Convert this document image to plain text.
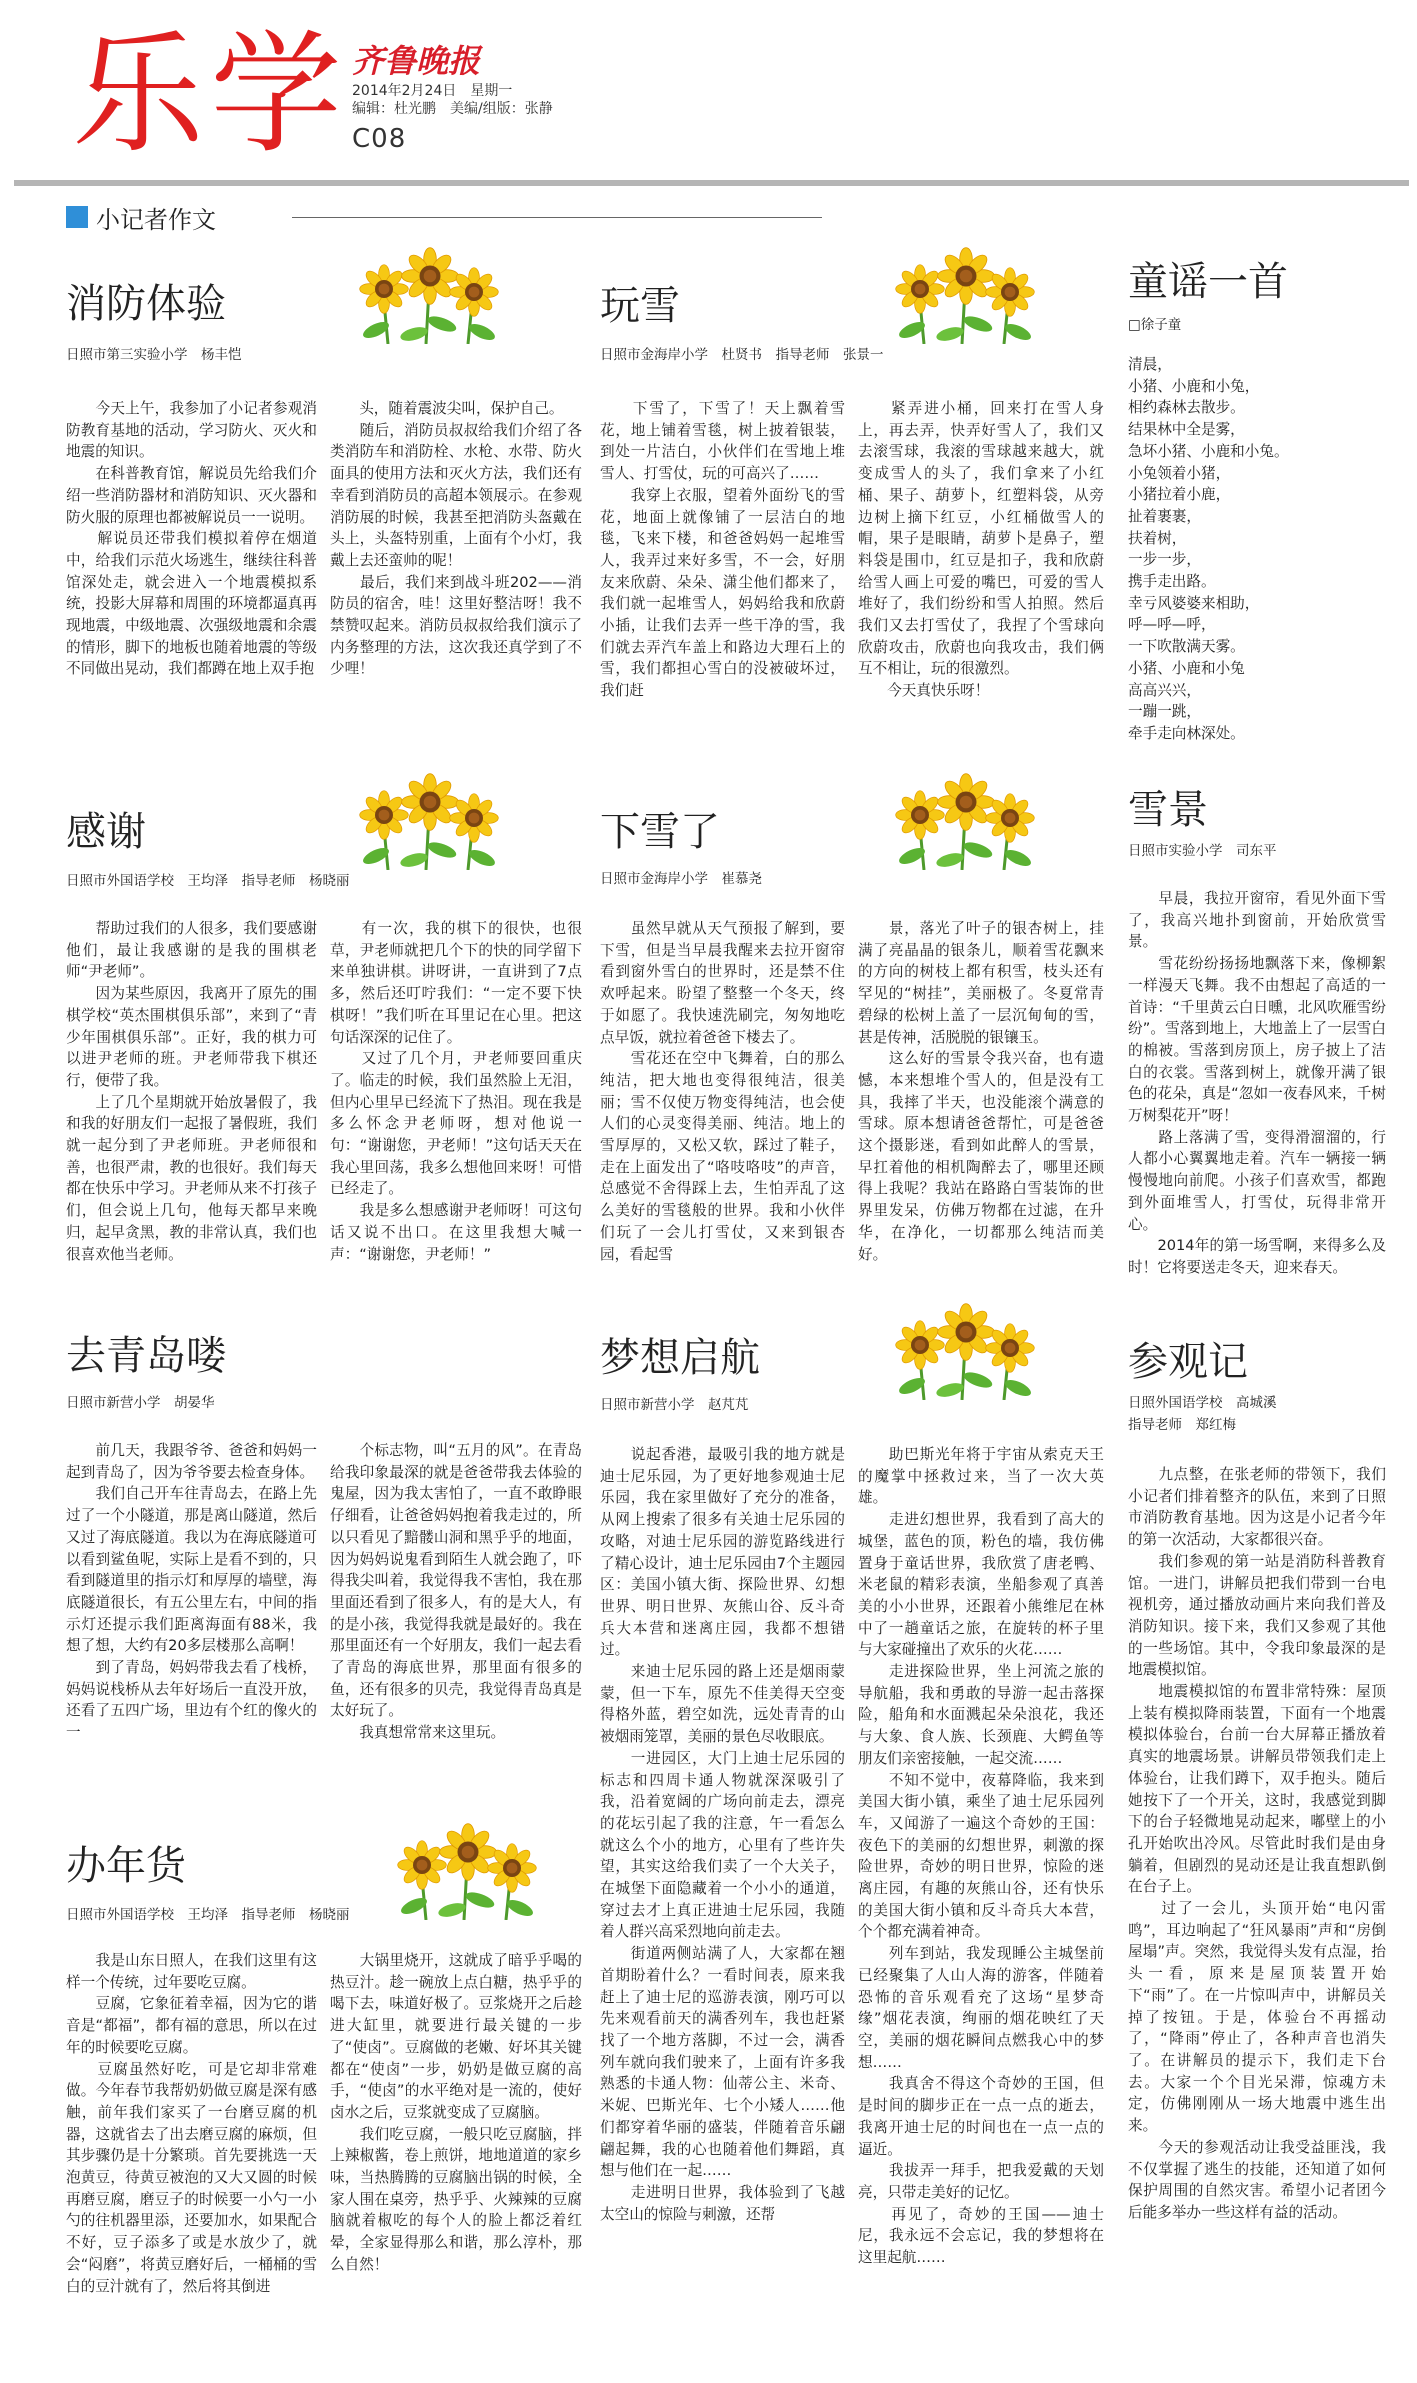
乐学 齐鲁晚报
2014年2月24日　星期一
编辑：杜光鹏　美编/组版：张静
C08
小记者作文
消防体验
日照市第三实验小学　杨丰恺
　　今天上午，我参加了小记者参观消防教育基地的活动，学习防火、灭火和地震的知识。
　　在科普教育馆，解说员先给我们介绍一些消防器材和消防知识、灭火器和防火服的原理也都被解说员一一说明。
　　解说员还带我们模拟着停在烟道中，给我们示范火场逃生，继续往科普馆深处走，就会进入一个地震模拟系统，投影大屏幕和周围的环境都逼真再现地震，中级地震、次强级地震和余震的情形，脚下的地板也随着地震的等级不同做出晃动，我们都蹲在地上双手抱
　　头，随着震波尖叫，保护自己。
　　随后，消防员叔叔给我们介绍了各类消防车和消防栓、水枪、水带、防火面具的使用方法和灭火方法，我们还有幸看到消防员的高超本领展示。在参观消防展的时候，我甚至把消防头盔戴在头上，头盔特别重，上面有个小灯，我戴上去还蛮帅的呢！
　　最后，我们来到战斗班202——消防员的宿舍，哇！这里好整洁呀！我不禁赞叹起来。消防员叔叔给我们演示了内务整理的方法，这次我还真学到了不少哩！
玩雪
日照市金海岸小学　杜贤书　指导老师　张景一
　　下雪了，下雪了！天上飘着雪花，地上铺着雪毯，树上披着银装，到处一片洁白，小伙伴们在雪地上堆雪人、打雪仗，玩的可高兴了……
　　我穿上衣服，望着外面纷飞的雪花，地面上就像铺了一层洁白的地毯，飞来下楼，和爸爸妈妈一起堆雪人，我弄过来好多雪，不一会，好朋友来欣蔚、朵朵、潇尘他们都来了，我们就一起堆雪人，妈妈给我和欣蔚小插，让我们去弄一些干净的雪，我们就去弄汽车盖上和路边大理石上的雪，我们都担心雪白的没被破坏过，我们赶
　　紧弄进小桶，回来打在雪人身上，再去弄，快弄好雪人了，我们又去滚雪球，我滚的雪球越来越大，就变成雪人的头了，我们拿来了小红桶、果子、葫萝卜，红塑料袋，从旁边树上摘下红豆，小红桶做雪人的帽，果子是眼睛，葫萝卜是鼻子，塑料袋是围巾，红豆是扣子，我和欣蔚给雪人画上可爱的嘴巴，可爱的雪人堆好了，我们纷纷和雪人拍照。然后我们又去打雪仗了，我捏了个雪球向欣蔚攻击，欣蔚也向我攻击，我们俩互不相让，玩的很激烈。
　　今天真快乐呀！
童谣一首
□徐子童
清晨，
小猪、小鹿和小兔，
相约森林去散步。
结果林中全是雾，
急坏小猪、小鹿和小兔。
小兔领着小猪，
小猪拉着小鹿，
扯着裹裹，
扶着树，
一步一步，
携手走出路。
幸亏风婆婆来相助，
呼—呼—呼，
一下吹散满天雾。
小猪、小鹿和小兔
高高兴兴，
一蹦一跳，
牵手走向林深处。
感谢
日照市外国语学校　王均泽　指导老师　杨晓丽
　　帮助过我们的人很多，我们要感谢他们，最让我感谢的是我的围棋老师“尹老师”。
　　因为某些原因，我离开了原先的围棋学校“英杰围棋俱乐部”，来到了“青少年围棋俱乐部”。正好，我的棋力可以进尹老师的班。尹老师带我下棋还行，便带了我。
　　上了几个星期就开始放暑假了，我和我的好朋友们一起报了暑假班，我们就一起分到了尹老师班。尹老师很和善，也很严肃，教的也很好。我们每天都在快乐中学习。尹老师从来不打孩子们，但会说上几句，他每天都早来晚归，起早贪黑，教的非常认真，我们也很喜欢他当老师。
　　有一次，我的棋下的很快，也很草，尹老师就把几个下的快的同学留下来单独讲棋。讲呀讲，一直讲到了7点多，然后还叮咛我们：“一定不要下快棋呀！”我们听在耳里记在心里。把这句话深深的记住了。
　　又过了几个月，尹老师要回重庆了。临走的时候，我们虽然脸上无泪，但内心里早已经流下了热泪。现在我是多么怀念尹老师呀，想对他说一句：“谢谢您，尹老师！”这句话天天在我心里回荡，我多么想他回来呀！可惜已经走了。
　　我是多么想感谢尹老师呀！可这句话又说不出口。在这里我想大喊一声：“谢谢您，尹老师！”
下雪了
日照市金海岸小学　崔慕尧
　　虽然早就从天气预报了解到，要下雪，但是当早晨我醒来去拉开窗帘看到窗外雪白的世界时，还是禁不住欢呼起来。盼望了整整一个冬天，终于如愿了。我快速洗刷完，匆匆地吃点早饭，就拉着爸爸下楼去了。
　　雪花还在空中飞舞着，白的那么纯洁，把大地也变得很纯洁，很美丽；雪不仅使万物变得纯洁，也会使人们的心灵变得美丽、纯洁。地上的雪厚厚的，又松又软，踩过了鞋子，走在上面发出了“咯吱咯吱”的声音，总感觉不舍得踩上去，生怕弄乱了这么美好的雪毯般的世界。我和小伙伴们玩了一会儿打雪仗，又来到银杏园，看起雪
　　景，落光了叶子的银杏树上，挂满了亮晶晶的银条儿，顺着雪花飘来的方向的树枝上都有积雪，枝头还有罕见的“树挂”，美丽极了。冬夏常青碧绿的松树上盖了一层沉甸甸的雪，甚是传神，活脱脱的银镶玉。
　　这么好的雪景令我兴奋，也有遗憾，本来想堆个雪人的，但是没有工具，我摔了半天，也没能滚个满意的雪球。原本想请爸爸帮忙，可是爸爸这个摄影迷，看到如此醉人的雪景，早扛着他的相机陶醉去了，哪里还顾得上我呢？我站在路路白雪装饰的世界里发呆，仿佛万物都在过滤，在升华，在净化，一切都那么纯洁而美好。
雪景
日照市实验小学　司东平
　　早晨，我拉开窗帘，看见外面下雪了，我高兴地扑到窗前，开始欣赏雪景。
　　雪花纷纷扬扬地飘落下来，像柳絮一样漫天飞舞。我不由想起了高适的一首诗：“千里黄云白日曛，北风吹雁雪纷纷”。雪落到地上，大地盖上了一层雪白的棉被。雪落到房顶上，房子披上了洁白的衣裳。雪落到树上，就像开满了银色的花朵，真是“忽如一夜春风来，千树万树梨花开”呀！
　　路上落满了雪，变得滑溜溜的，行人都小心翼翼地走着。汽车一辆接一辆慢慢地向前爬。小孩子们喜欢雪，都跑到外面堆雪人，打雪仗，玩得非常开心。
　　2014年的第一场雪啊，来得多么及时！它将要送走冬天，迎来春天。
去青岛喽
日照市新营小学　胡晏华
　　前几天，我跟爷爷、爸爸和妈妈一起到青岛了，因为爷爷要去检查身体。
　　我们自己开车往青岛去，在路上先过了一个小隧道，那是离山隧道，然后又过了海底隧道。我以为在海底隧道可以看到鲨鱼呢，实际上是看不到的，只看到隧道里的指示灯和厚厚的墙壁，海底隧道很长，有五公里左右，中间的指示灯还提示我们距离海面有88米，我想了想，大约有20多层楼那么高啊！
　　到了青岛，妈妈带我去看了栈桥，妈妈说栈桥从去年好场后一直没开放，还看了五四广场，里边有个红的像火的一
　　个标志物，叫“五月的风”。在青岛给我印象最深的就是爸爸带我去体验的鬼屋，因为我太害怕了，一直不敢睁眼仔细看，让爸爸妈妈抱着我走过的，所以只看见了黯髅山洞和黑乎乎的地面，因为妈妈说鬼看到陌生人就会跑了，吓得我尖叫着，我觉得我不害怕，我在那里面还看到了很多人，有的是大人，有的是小孩，我觉得我就是最好的。我在那里面还有一个好朋友，我们一起去看了青岛的海底世界，那里面有很多的鱼，还有很多的贝壳，我觉得青岛真是太好玩了。
　　我真想常常来这里玩。
梦想启航
日照市新营小学　赵芃芃
　　说起香港，最吸引我的地方就是迪士尼乐园，为了更好地参观迪士尼乐园，我在家里做好了充分的准备，从网上搜索了很多有关迪士尼乐园的攻略，对迪士尼乐园的游览路线进行了精心设计，迪士尼乐园由7个主题园区：美国小镇大街、探险世界、幻想世界、明日世界、灰熊山谷、反斗奇兵大本营和迷离庄园，我都不想错过。
　　来迪士尼乐园的路上还是烟雨蒙蒙，但一下车，原先不佳美得天空变得格外蓝，碧空如洗，远处青青的山被烟雨笼罩，美丽的景色尽收眼底。
　　一进园区，大门上迪士尼乐园的标志和四周卡通人物就深深吸引了我，沿着宽阔的广场向前走去，漂亮的花坛引起了我的注意，午一看怎么就这么个小的地方，心里有了些许失望，其实这给我们卖了一个大关子，在城堡下面隐藏着一个小小的通道，穿过去才上真正进迪士尼乐园，我随着人群兴高采烈地向前走去。
　　街道两侧站满了人，大家都在翘首期盼着什么？一看时间表，原来我赶上了迪士尼的巡游表演，刚巧可以先来观看前天的满香列车，我也赶紧找了一个地方落脚，不过一会，满香列车就向我们驶来了，上面有许多我熟悉的卡通人物：仙蒂公主、米奇、米妮、巴斯光年、七个小矮人……他们都穿着华丽的盛装，伴随着音乐翩翩起舞，我的心也随着他们舞蹈，真想与他们在一起……
　　走进明日世界，我体验到了飞越太空山的惊险与刺激，还帮
　　助巴斯光年将于宇宙从索克天王的魔掌中拯救过来，当了一次大英雄。
　　走进幻想世界，我看到了高大的城堡，蓝色的顶，粉色的墙，我仿佛置身于童话世界，我欣赏了唐老鸭、米老鼠的精彩表演，坐船参观了真善美的小小世界，还跟着小熊维尼在林中了一趟童话之旅，在旋转的杯子里与大家碰撞出了欢乐的火花……
　　走进探险世界，坐上河流之旅的导航船，我和勇敢的导游一起击落探险，船角和水面溅起朵朵浪花，我还与大象、食人族、长颈鹿、大鳄鱼等朋友们亲密接触，一起交流……
　　不知不觉中，夜幕降临，我来到美国大街小镇，乘坐了迪士尼乐园列车，又闻游了一遍这个奇妙的王国：夜色下的美丽的幻想世界，刺激的探险世界，奇妙的明日世界，惊险的迷离庄园，有趣的灰熊山谷，还有快乐的美国大街小镇和反斗奇兵大本营，个个都充满着神奇。
　　列车到站，我发现睡公主城堡前已经聚集了人山人海的游客，伴随着恐怖的音乐观看充了这场“星梦奇缘”烟花表演，绚丽的烟花映红了天空，美丽的烟花瞬间点燃我心中的梦想……
　　我真舍不得这个奇妙的王国，但是时间的脚步正在一点一点的逝去，我离开迪士尼的时间也在一点一点的逼近。
　　我拔弄一拜手，把我爱戴的天划亮，只带走美好的记忆。
　　再见了，奇妙的王国——迪士尼，我永远不会忘记，我的梦想将在这里起航……
参观记
日照外国语学校　高城溪
指导老师　郑红梅
　　九点整，在张老师的带领下，我们小记者们排着整齐的队伍，来到了日照市消防教育基地。因为这是小记者今年的第一次活动，大家都很兴奋。
　　我们参观的第一站是消防科普教育馆。一进门，讲解员把我们带到一台电视机旁，通过播放动画片来向我们普及消防知识。接下来，我们又参观了其他的一些场馆。其中，令我印象最深的是地震模拟馆。
　　地震模拟馆的布置非常特殊：屋顶上装有模拟降雨装置，下面有一个地震模拟体验台，台前一台大屏幕正播放着真实的地震场景。讲解员带领我们走上体验台，让我们蹲下，双手抱头。随后她按下了一个开关，这时，我感觉到脚下的台子轻微地晃动起来，嘟壁上的小孔开始吹出冷风。尽管此时我们是由身躺着，但剧烈的晃动还是让我直想趴倒在台子上。
　　过了一会儿，头顶开始“电闪雷鸣”，耳边响起了“狂风暴雨”声和“房倒屋塌”声。突然，我觉得头发有点湿，抬头一看，原来是屋顶装置开始下“雨”了。在一片惊叫声中，讲解员关掉了按钮。于是，体验台不再摇动了，“降雨”停止了，各种声音也消失了。在讲解员的提示下，我们走下台去。大家一个个目光呆滞，惊魂方未定，仿佛刚刚从一场大地震中逃生出来。
　　今天的参观活动让我受益匪浅，我不仅掌握了逃生的技能，还知道了如何保护周围的自然灾害。希望小记者团今后能多举办一些这样有益的活动。
办年货
日照市外国语学校　王均泽　指导老师　杨晓丽
　　我是山东日照人，在我们这里有这样一个传统，过年要吃豆腐。
　　豆腐，它象征着幸福，因为它的谐音是“都福”，都有福的意思，所以在过年的时候要吃豆腐。
　　豆腐虽然好吃，可是它却非常难做。今年春节我帮奶奶做豆腐是深有感触，前年我们家买了一台磨豆腐的机器，这就省去了出去磨豆腐的麻烦，但其步骤仍是十分繁琐。首先要挑选一天泡黄豆，待黄豆被泡的又大又圆的时候再磨豆腐，磨豆子的时候要一小勺一小勺的往机器里添，还要加水，如果配合不好，豆子添多了或是水放少了，就会“闷磨”，将黄豆磨好后，一桶桶的雪白的豆汁就有了，然后将其倒进
　　大锅里烧开，这就成了暗乎乎喝的热豆汁。趁一碗放上点白糖，热乎乎的喝下去，味道好极了。豆浆烧开之后趁进大缸里，就要进行最关键的一步了“使卤”。豆腐做的老嫩、好坏其关键都在“使卤”一步，奶奶是做豆腐的高手，“使卤”的水平绝对是一流的，使好卤水之后，豆浆就变成了豆腐脑。
　　我们吃豆腐，一般只吃豆腐脑，拌上辣椒酱，卷上煎饼，地地道道的家乡味，当热腾腾的豆腐脑出锅的时候，全家人围在桌旁，热乎乎、火辣辣的豆腐脑就着椒吃的每个人的脸上都泛着红晕，全家显得那么和谐，那么淳朴，那么自然！
